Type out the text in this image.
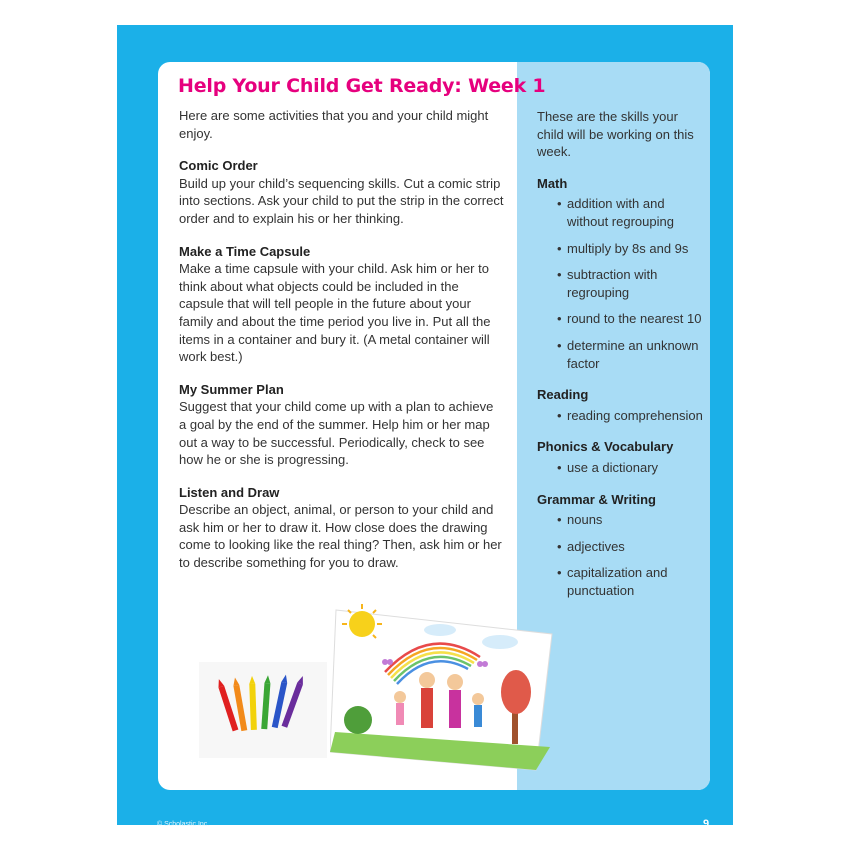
These are the skills your child will be working on this week.

Math
• addition with and without regrouping
• multiply by 8s and 9s
• subtraction with regrouping
• round to the nearest 10
• determine an unknown factor
Reading
• reading comprehension
Phonics & Vocabulary
• use a dictionary
Grammar & Writing
• nouns
• adjectives
• capitalization and punctuation
Help Your Child Get Ready: Week 1

Here are some activities that you and your child might enjoy.

Comic Order

Build up your child’s sequencing skills. Cut a comic strip into sections. Ask your child to put the strip in the correct order and to explain his or her thinking.

Make a Time Capsule

Make a time capsule with your child. Ask him or her to think about what objects could be included in the capsule that will tell people in the future about your family and about the time period you live in. Put all the items in a container and bury it. (A metal container will work best.)

My Summer Plan

Suggest that your child come up with a plan to achieve a goal by the end of the summer. Help him or her map out a way to be successful. Periodically, check to see how he or she is progressing.

Listen and Draw

Describe an object, animal, or person to your child and ask him or her to draw it. How close does the drawing come to looking like the real thing? Then, ask him or her to describe something for you to draw.

© Scholastic Inc.	9
